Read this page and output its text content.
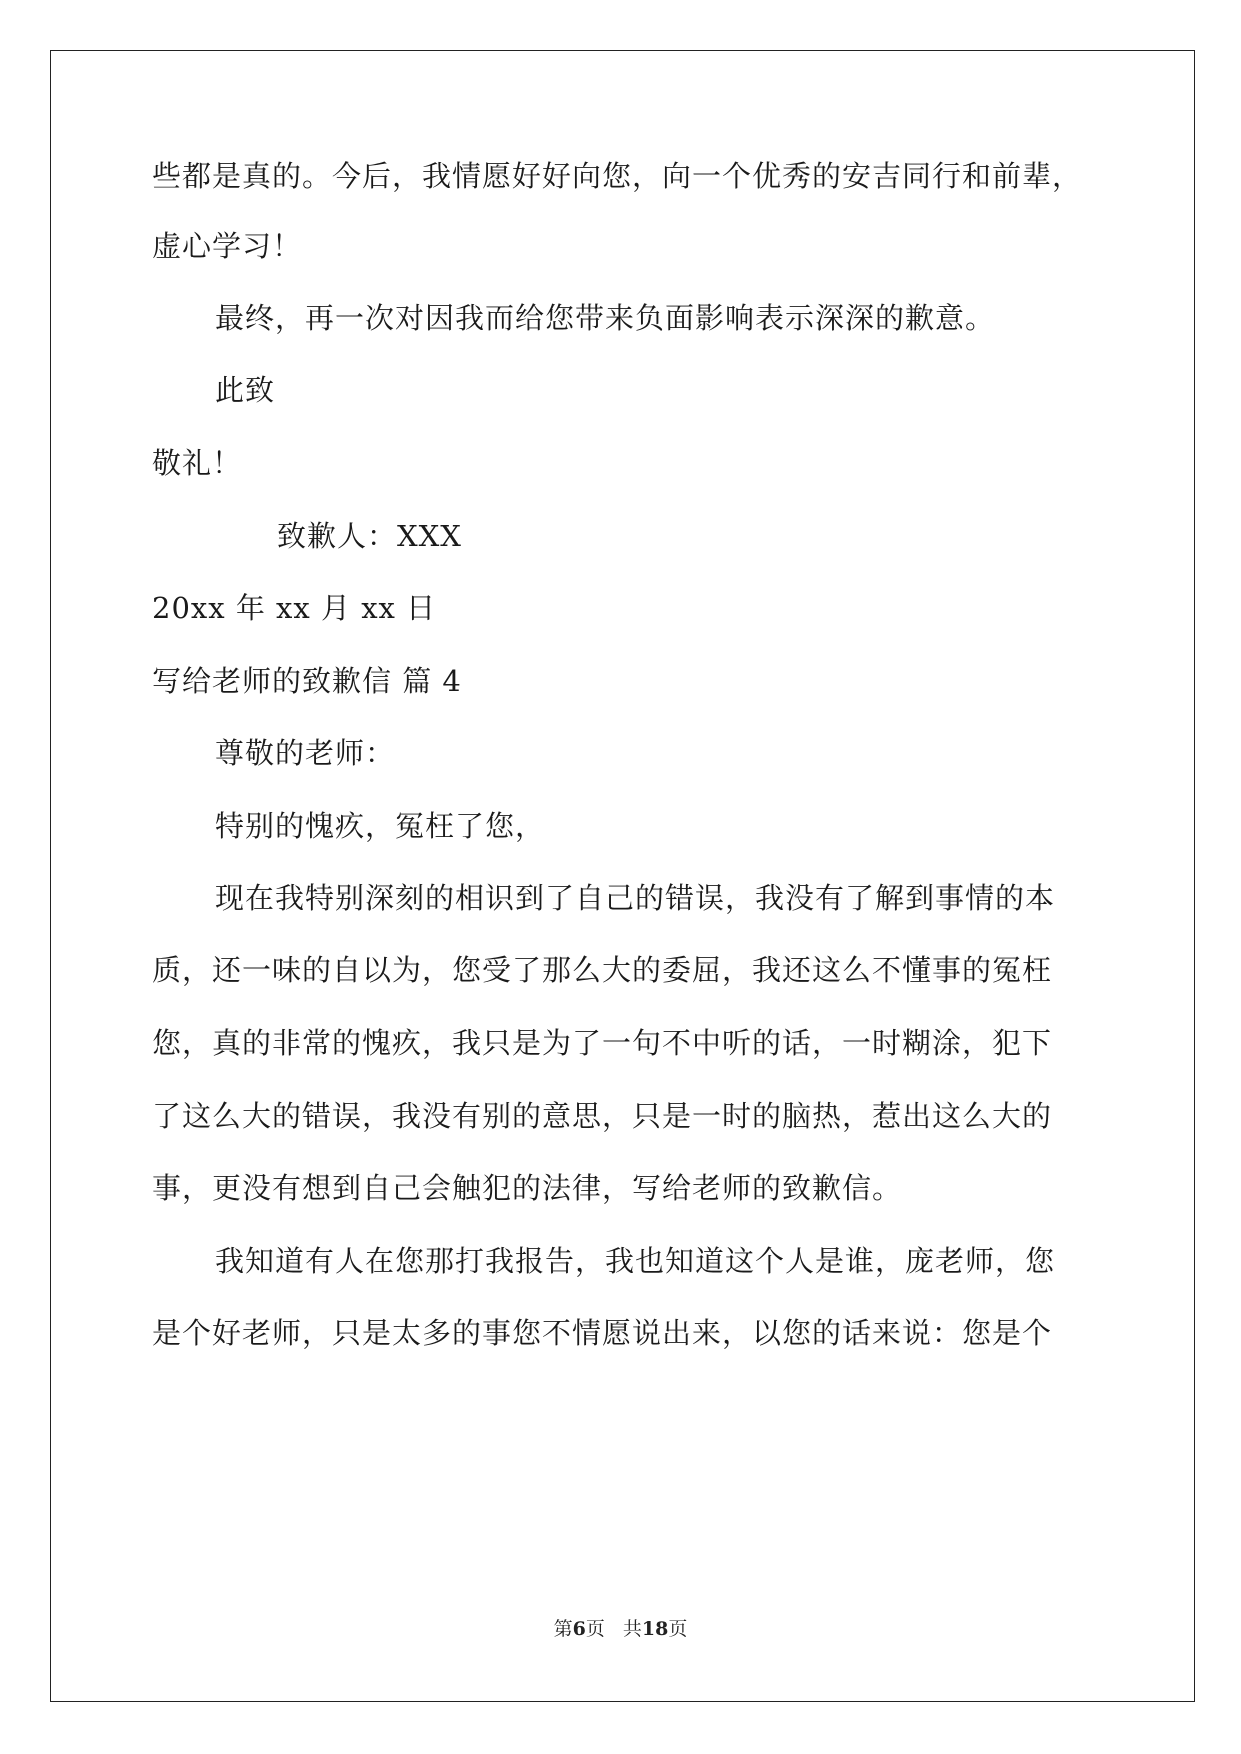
些都是真的。今后，我情愿好好向您，向一个优秀的安吉同行和前辈，
虚心学习！
最终，再一次对因我而给您带来负面影响表示深深的歉意。
此致
敬礼！
致歉人：XXX
20xx 年 xx 月 xx 日
写给老师的致歉信 篇 4
尊敬的老师：
特别的愧疚，冤枉了您，
现在我特别深刻的相识到了自己的错误，我没有了解到事情的本
质，还一味的自以为，您受了那么大的委屈，我还这么不懂事的冤枉
您，真的非常的愧疚，我只是为了一句不中听的话，一时糊涂，犯下
了这么大的错误，我没有别的意思，只是一时的脑热，惹出这么大的
事，更没有想到自己会触犯的法律，写给老师的致歉信。
我知道有人在您那打我报告，我也知道这个人是谁，庞老师，您
是个好老师，只是太多的事您不情愿说出来，以您的话来说：您是个
第6页 共18页
